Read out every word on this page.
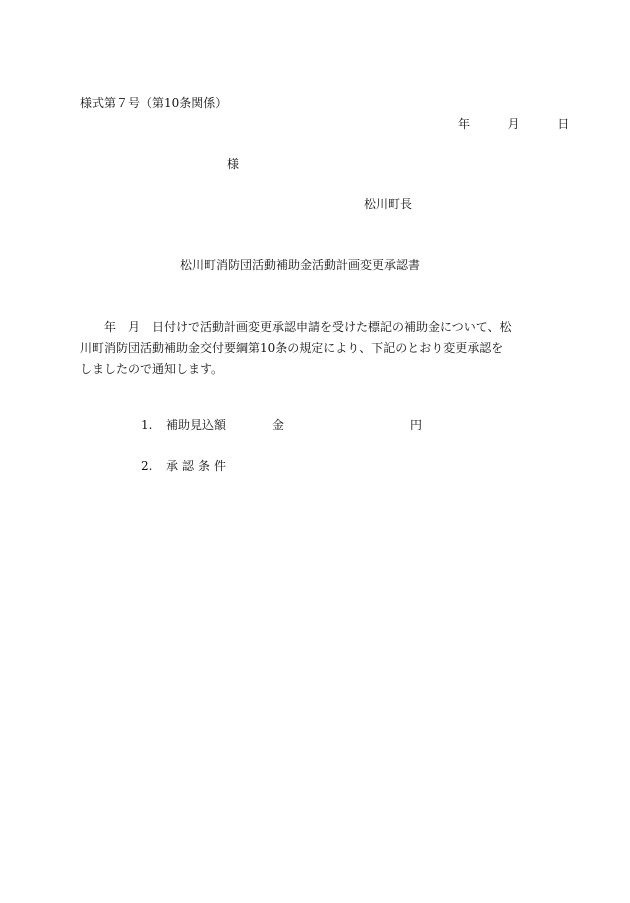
様式第７号（第10条関係）
年	月	日
様
松川町長
松川町消防団活動補助金活動計画変更承認書
年　月　日付けで活動計画変更承認申請を受けた標記の補助金について、松
川町消防団活動補助金交付要綱第10条の規定により、下記のとおり変更承認を
しましたので通知します。
1. 補助見込額	金	円
2. 承認条件
